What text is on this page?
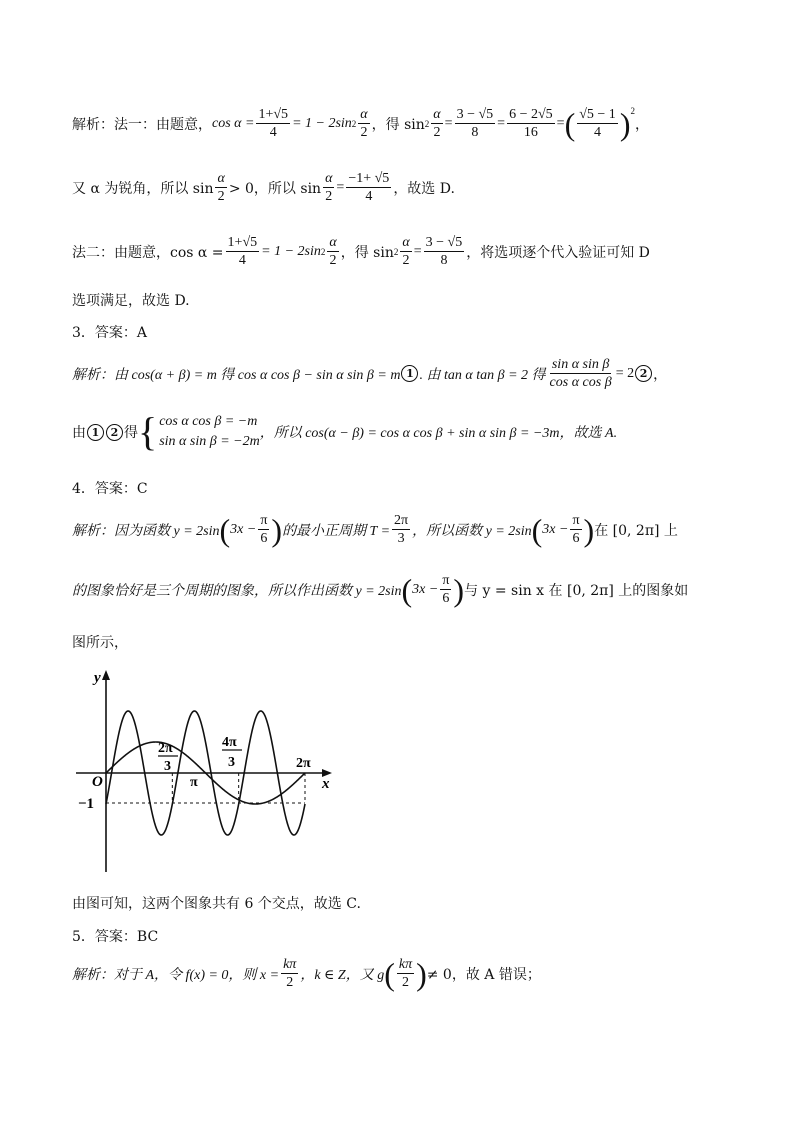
解析：法一：由题意， $\cos \alpha = \frac{1+√5}{4} = 1 - 2\sin$ $2 \frac{\alpha}{2}$ ，得 $\sin 2 \frac{\alpha}{2} = \frac{3 - √5}{8} = \frac{6 - 2√5}{16}$ = ( $\frac{√5 - 1}{4} )^2$
，
又 α 为锐角，所以 $\sin \frac{\alpha}{2} > 0$，所以 $\sin \frac{\alpha}{2} = \frac{-1+ √5}{4}$ ，故选 D.
法二：由题意，$\cos \alpha = \frac{1+√5}{4} = 1 - 2\sin$ $2 \frac{\alpha}{2}$ ，得 $\sin 2 \frac{\alpha}{2} = \frac{3 - √5}{8}$ ，将选项逐个代入验证可知 D
选项满足，故选 D.
3．答案：A
解析：由 cos(α + β) = m 得 cos α cos β − sin α sin β = m 1 . 由 tan α tan β = 2 得 $\frac{\text{sin α sin β}}{\text{cos α cos β}} = 2$ 2 ，
由 1	2 得 { cos α cos β = −m
sin α sin β = −2m
，所以 cos(α − β) = cos α cos β + sin α sin β = −3m，故选 A.
4．答案：C
解析：因为函数 y = 2sin ( $3x - \frac{\pi}{6}$ ) 的最小正周期 $T = \frac{2\pi}{3}$ ，所以函数 y = 2sin ( $3x - \frac{\pi}{6}$ ) 在 [0, 2π] 上
的图象恰好是三个周期的图象，所以作出函数 y = 2sin ( $3x - \frac{\pi}{6}$ ) 与 y = sin x 在 [0, 2π] 上的图象如
图所示，
y
x
O
−1
π
2π
3
4π
3	2π
由图可知，这两个图象共有 6 个交点，故选 C.
5．答案：BC
解析：对于 A，令 f(x) = 0，则 $x = \frac{k\pi}{2}$ ，k ∈ Z，又 g ( $\frac{k\pi}{2}$ ) ≠ 0，故 A 错误；
